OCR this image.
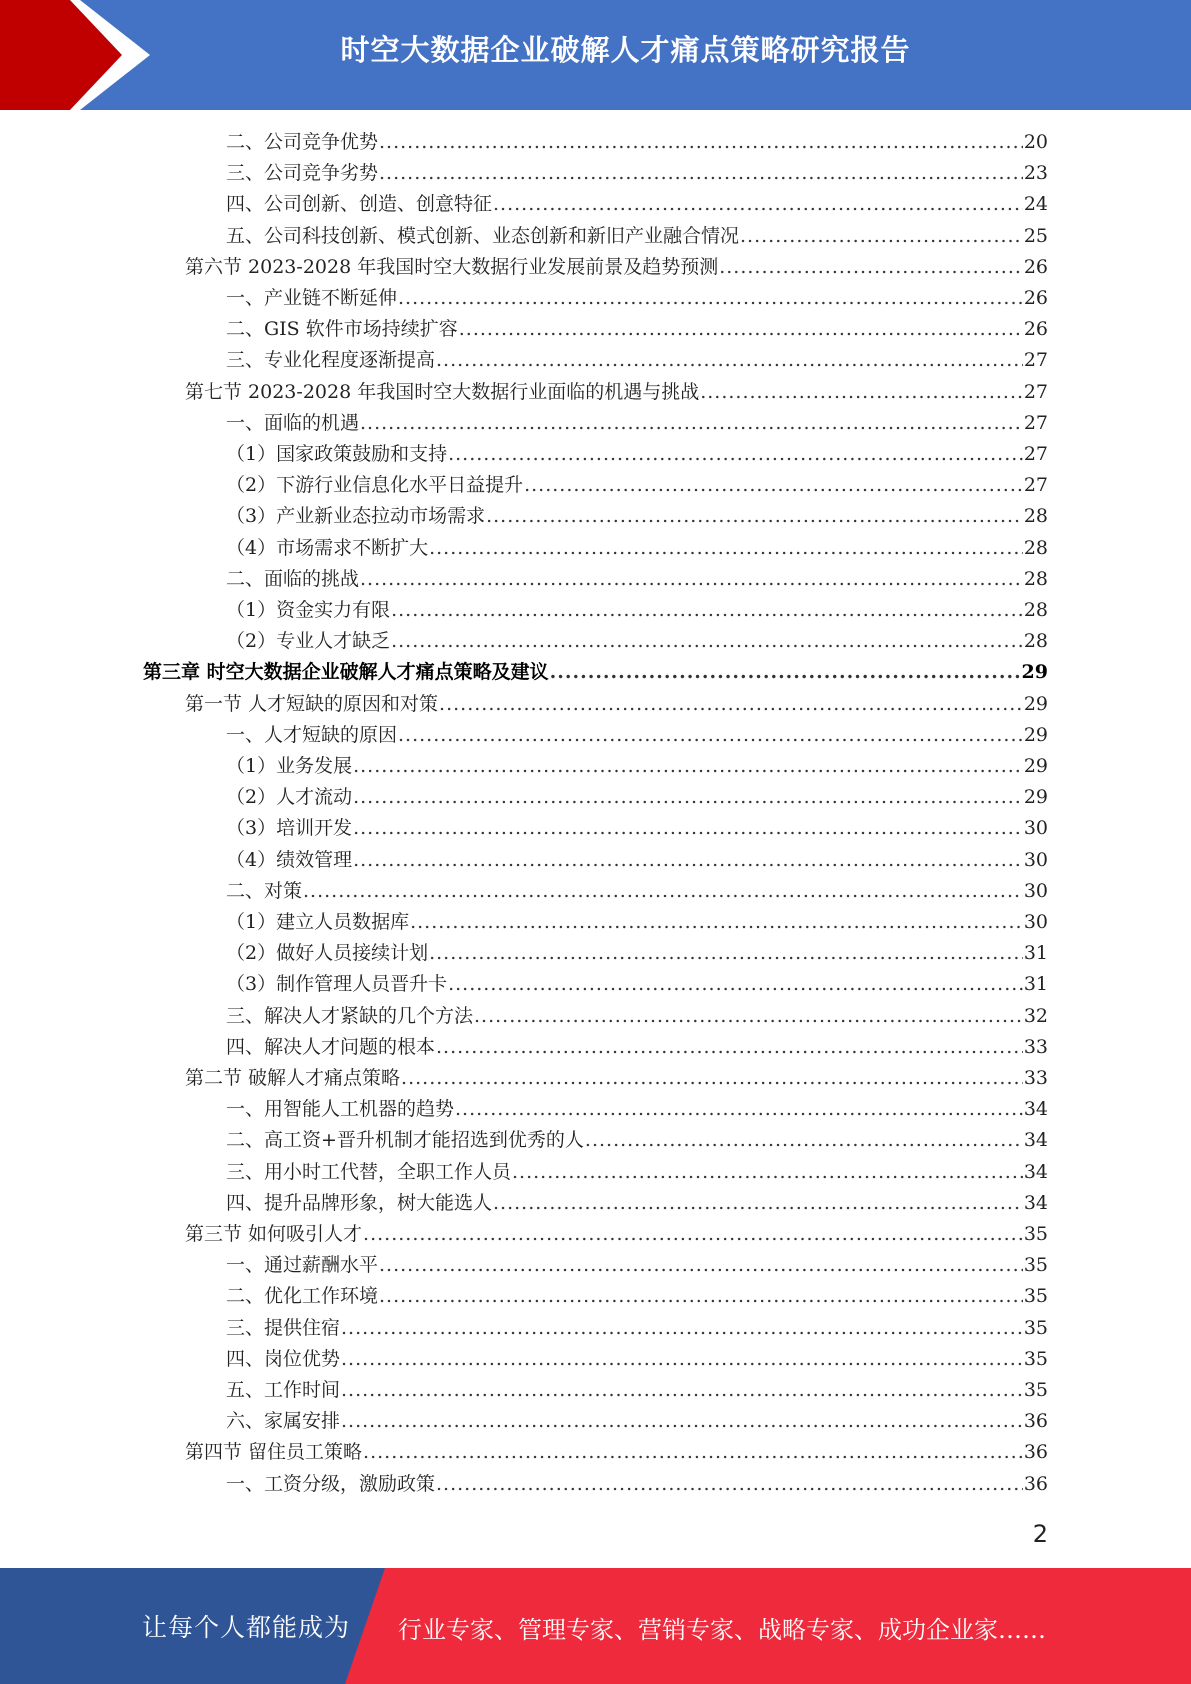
时空大数据企业破解人才痛点策略研究报告
二、公司竞争优势 .....	20
三、公司竞争劣势 .....	23
四、公司创新、创造、创意特征 .....	24
五、公司科技创新、模式创新、业态创新和新旧产业融合情况 .....	25
第六节 2023-2028 年我国时空大数据行业发展前景及趋势预测 .....	26
一、产业链不断延伸 .....	26
二、GIS 软件市场持续扩容 .....	26
三、专业化程度逐渐提高 .....	27
第七节 2023-2028 年我国时空大数据行业面临的机遇与挑战 .....	27
一、面临的机遇 .....	27
（1）国家政策鼓励和支持 .....	27
（2）下游行业信息化水平日益提升 .....	27
（3）产业新业态拉动市场需求 .....	28
（4）市场需求不断扩大 .....	28
二、面临的挑战 .....	28
（1）资金实力有限 .....	28
（2）专业人才缺乏 .....	28
第三章 时空大数据企业破解人才痛点策略及建议 .....	29
第一节 人才短缺的原因和对策 .....	29
一、人才短缺的原因 .....	29
（1）业务发展 .....	29
（2）人才流动 .....	29
（3）培训开发 .....	30
（4）绩效管理 .....	30
二、对策 .....	30
（1）建立人员数据库 .....	30
（2）做好人员接续计划 .....	31
（3）制作管理人员晋升卡 .....	31
三、解决人才紧缺的几个方法 .....	32
四、解决人才问题的根本 .....	33
第二节 破解人才痛点策略 .....	33
一、用智能人工机器的趋势 .....	34
二、高工资+晋升机制才能招选到优秀的人 .....	34
三、用小时工代替，全职工作人员 .....	34
四、提升品牌形象，树大能选人 .....	34
第三节 如何吸引人才 .....	35
一、通过薪酬水平 .....	35
二、优化工作环境 .....	35
三、提供住宿 .....	35
四、岗位优势 .....	35
五、工作时间 .....	35
六、家属安排 .....	36
第四节 留住员工策略 .....	36
一、工资分级，激励政策 .....	36
2
让每个人都能成为 行业专家、管理专家、营销专家、战略专家、成功企业家……
